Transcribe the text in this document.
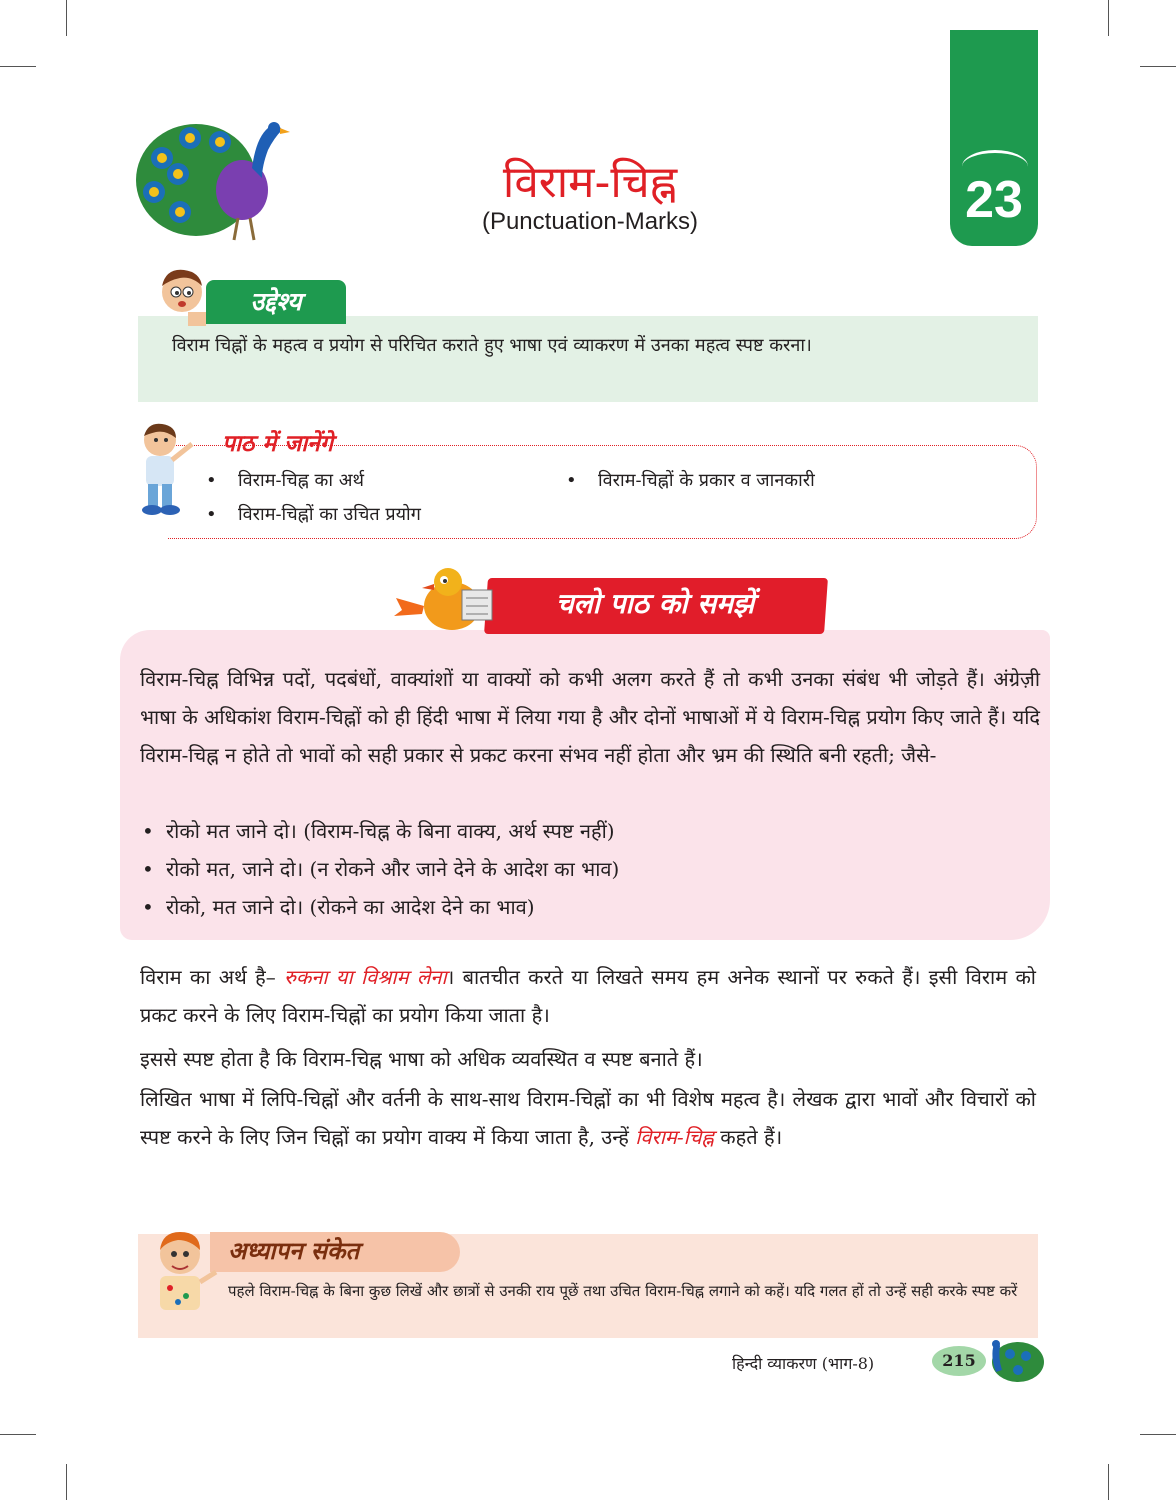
विराम-चिह्न
(Punctuation-Marks)	23
उद्देश्य
विराम चिह्नों के महत्व व प्रयोग से परिचित कराते हुए भाषा एवं व्याकरण में उनका महत्व स्पष्ट करना।
पाठ में जानेंगे
• विराम-चिह्न का अर्थ	• विराम-चिह्नों के प्रकार व जानकारी
• विराम-चिह्नों का उचित प्रयोग
चलो पाठ को समझें
विराम-चिह्न विभिन्न पदों, पदबंधों, वाक्यांशों या वाक्यों को कभी अलग करते हैं तो कभी उनका संबंध भी जोड़ते हैं। अंग्रेज़ी भाषा के अधिकांश विराम-चिह्नों को ही हिंदी भाषा में लिया गया है और दोनों भाषाओं में ये विराम-चिह्न प्रयोग किए जाते हैं। यदि विराम-चिह्न न होते तो भावों को सही प्रकार से प्रकट करना संभव नहीं होता और भ्रम की स्थिति बनी रहती; जैसे-
• रोको मत जाने दो। (विराम-चिह्न के बिना वाक्य, अर्थ स्पष्ट नहीं)
• रोको मत, जाने दो। (न रोकने और जाने देने के आदेश का भाव)
• रोको, मत जाने दो। (रोकने का आदेश देने का भाव)
विराम का अर्थ है– रुकना या विश्राम लेना। बातचीत करते या लिखते समय हम अनेक स्थानों पर रुकते हैं। इसी विराम को प्रकट करने के लिए विराम-चिह्नों का प्रयोग किया जाता है।
इससे स्पष्ट होता है कि विराम-चिह्न भाषा को अधिक व्यवस्थित व स्पष्ट बनाते हैं।
लिखित भाषा में लिपि-चिह्नों और वर्तनी के साथ-साथ विराम-चिह्नों का भी विशेष महत्व है। लेखक द्वारा भावों और विचारों को स्पष्ट करने के लिए जिन चिह्नों का प्रयोग वाक्य में किया जाता है, उन्हें विराम-चिह्न कहते हैं।
अध्यापन संकेत
पहले विराम-चिह्न के बिना कुछ लिखें और छात्रों से उनकी राय पूछें तथा उचित विराम-चिह्न लगाने को कहें। यदि गलत हों तो उन्हें सही करके स्पष्ट करें
हिन्दी व्याकरण (भाग-8)	215
